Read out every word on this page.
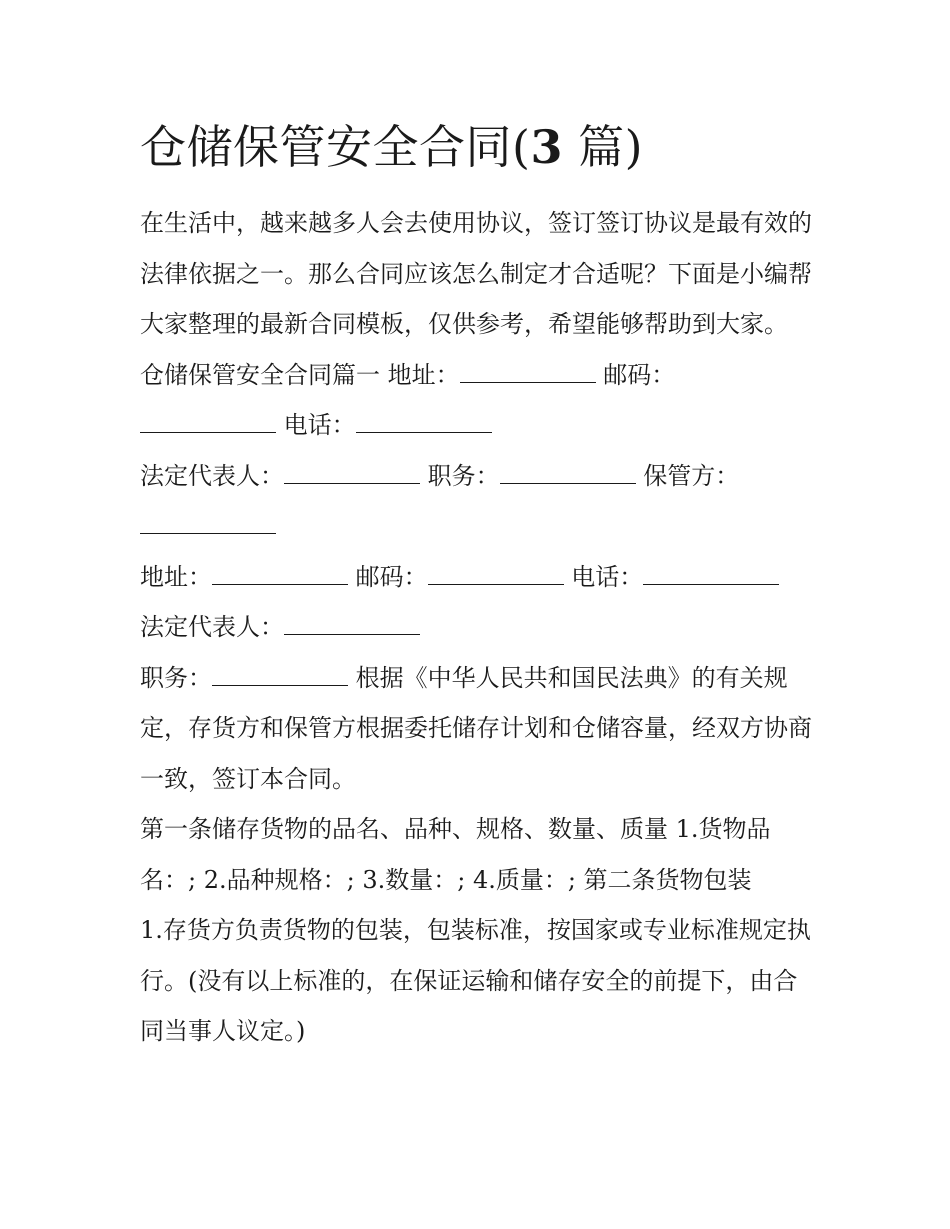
仓储保管安全合同(3 篇)

在生活中，越来越多人会去使用协议，签订签订协议是最有效的法律依据之一。那么合同应该怎么制定才合适呢？下面是小编帮大家整理的最新合同模板，仅供参考，希望能够帮助到大家。

仓储保管安全合同篇一 地址：	邮码：
电话：

法定代表人：	职务：	保管方：

地址：	邮码：	电话：

法定代表人：

职务：	根据《中华人民共和国民法典》的有关规定，存货方和保管方根据委托储存计划和仓储容量，经双方协商一致，签订本合同。

第一条储存货物的品名、品种、规格、数量、质量 1.货物品名：; 2.品种规格：; 3.数量：; 4.质量：; 第二条货物包装

1.存货方负责货物的包装，包装标准，按国家或专业标准规定执行。(没有以上标准的，在保证运输和储存安全的前提下，由合同当事人议定。)
